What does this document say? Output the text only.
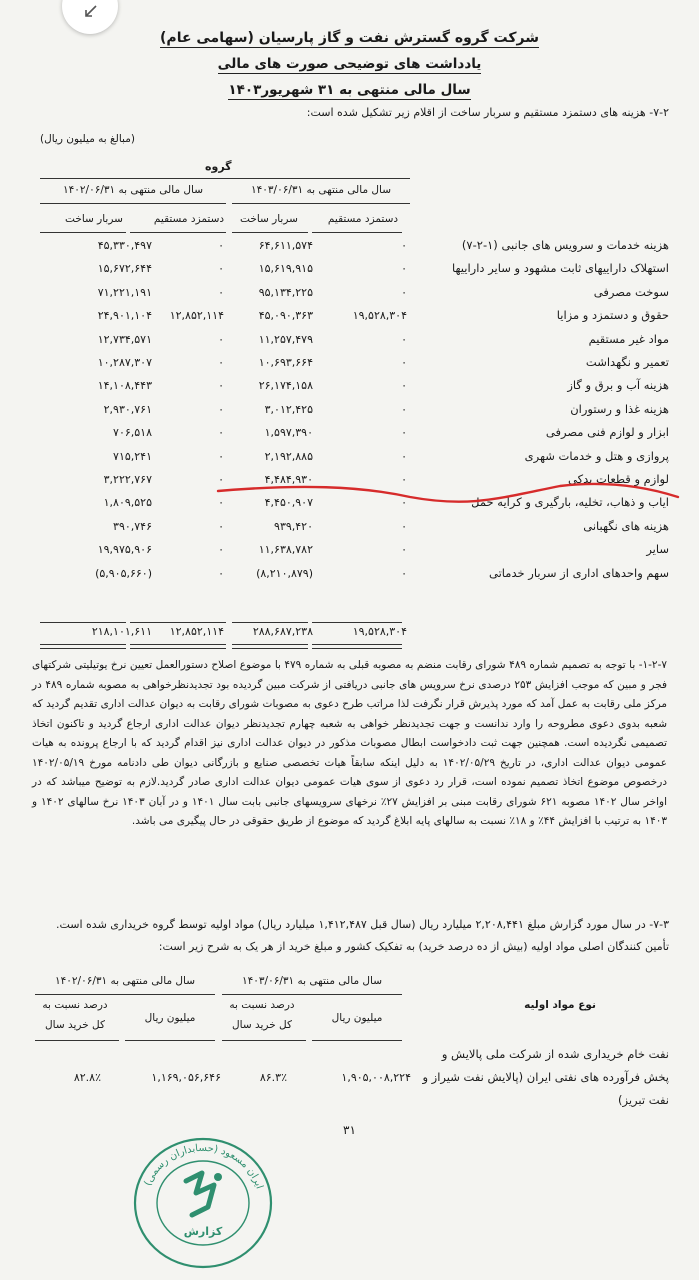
شرکت گروه گسترش نفت و گاز پارسیان (سهامی عام)
یادداشت های توضیحی صورت های مالی
سال مالی منتهی به ۳۱ شهریور۱۴۰۳
۷-۲- هزینه های دستمزد مستقیم و سربار ساخت از اقلام زیر تشکیل شده است:
(مبالغ به میلیون ریال)
گروه
سال مالی منتهی به ۱۴۰۳/۰۶/۳۱
سال مالی منتهی به ۱۴۰۲/۰۶/۳۱
دستمزد مستقیم
سربار ساخت
دستمزد مستقیم
سربار ساخت
هزینه خدمات و سرویس های جانبی (۱-۲-۷)
۰
۶۴,۶۱۱,۵۷۴
۰
۴۵,۳۳۰,۴۹۷
استهلاک داراییهای ثابت مشهود و سایر داراییها
۰
۱۵,۶۱۹,۹۱۵
۰
۱۵,۶۷۲,۶۴۴
سوخت مصرفی
۰
۹۵,۱۳۴,۲۲۵
۰
۷۱,۲۲۱,۱۹۱
حقوق و دستمزد و مزایا
۱۹,۵۲۸,۳۰۴
۴۵,۰۹۰,۳۶۳
۱۲,۸۵۲,۱۱۴
۲۴,۹۰۱,۱۰۴
مواد غیر مستقیم
۰
۱۱,۲۵۷,۴۷۹
۰
۱۲,۷۳۴,۵۷۱
تعمیر و نگهداشت
۰
۱۰,۶۹۳,۶۶۴
۰
۱۰,۲۸۷,۳۰۷
هزینه آب و برق و گاز
۰
۲۶,۱۷۴,۱۵۸
۰
۱۴,۱۰۸,۴۴۳
هزینه غذا و رستوران
۰
۳,۰۱۲,۴۲۵
۰
۲,۹۳۰,۷۶۱
ابزار و لوازم فنی مصرفی
۰
۱,۵۹۷,۳۹۰
۰
۷۰۶,۵۱۸
پروازی و هتل و خدمات شهری
۰
۲,۱۹۲,۸۸۵
۰
۷۱۵,۲۴۱
لوازم و قطعات یدکی
۰
۴,۴۸۴,۹۳۰
۰
۳,۲۲۲,۷۶۷
ایاب و ذهاب، تخلیه، بارگیری و کرایه حمل
۰
۴,۴۵۰,۹۰۷
۰
۱,۸۰۹,۵۲۵
هزینه های نگهبانی
۰
۹۳۹,۴۲۰
۰
۳۹۰,۷۴۶
سایر
۰
۱۱,۶۳۸,۷۸۲
۰
۱۹,۹۷۵,۹۰۶
سهم واحدهای اداری از سربار خدماتی
۰
(۸,۲۱۰,۸۷۹)
۰
(۵,۹۰۵,۶۶۰)
۱۹,۵۲۸,۳۰۴
۲۸۸,۶۸۷,۲۳۸
۱۲,۸۵۲,۱۱۴
۲۱۸,۱۰۱,۶۱۱
۱-۲-۷- با توجه به تصمیم شماره ۴۸۹ شورای رقابت منضم به مصوبه قبلی به شماره ۴۷۹ با موضوع اصلاح دستورالعمل تعیین نرخ یوتیلیتی شرکتهای فجر و مبین که موجب افزایش ۲۵۳ درصدی نرخ سرویس های جانبی دریافتی از شرکت مبین گردیده بود تجدیدنظرخواهی به مصوبه شماره ۴۸۹ در مرکز ملی رقابت به عمل آمد که مورد پذیرش قرار نگرفت لذا مراتب طرح دعوی به مصوبات شورای رقابت به دیوان عدالت اداری تقدیم گردید که شعبه بدوی دعوی مطروحه را وارد ندانست و جهت تجدیدنظر خواهی به شعبه چهارم تجدیدنظر دیوان عدالت اداری ارجاع گردید و تاکنون اتخاذ تصمیمی نگردیده است. همچنین جهت ثبت دادخواست ابطال مصوبات مذکور در دیوان عدالت اداری نیز اقدام گردید که با ارجاع پرونده به هیات عمومی دیوان عدالت اداری، در تاریخ ۱۴۰۲/۰۵/۲۹ به دلیل اینکه سابقاً هیات تخصصی صنایع و بازرگانی دیوان طی دادنامه مورخ ۱۴۰۲/۰۵/۱۹ درخصوص موضوع اتخاذ تصمیم نموده است، قرار رد دعوی از سوی هیات عمومی دیوان عدالت اداری صادر گردید.لازم به توضیح میباشد که در اواخر سال ۱۴۰۲ مصوبه ۶۲۱ شورای رقابت مبنی بر افزایش ۲۷٪ نرخهای سرویسهای جانبی بابت سال ۱۴۰۱ و در آبان ۱۴۰۳ نرخ سالهای ۱۴۰۲ و ۱۴۰۳ به ترتیب با افزایش ۴۴٪ و ۱۸٪ نسبت به سالهای پایه ابلاغ گردید که موضوع از طریق حقوقی در حال پیگیری می باشد.
۷-۳- در سال مورد گزارش مبلغ ۲,۲۰۸,۴۴۱ میلیارد ریال (سال قبل ۱,۴۱۲,۴۸۷ میلیارد ریال) مواد اولیه توسط گروه خریداری شده است.
تأمین کنندگان اصلی مواد اولیه (بیش از ده درصد خرید) به تفکیک کشور و مبلغ خرید از هر یک به شرح زیر است:
سال مالی منتهی به ۱۴۰۳/۰۶/۳۱
سال مالی منتهی به ۱۴۰۲/۰۶/۳۱
نوع مواد اولیه
درصد نسبت به
کل خرید سال
میلیون ریال
درصد نسبت به
کل خرید سال
میلیون ریال
نفت خام خریداری شده از شرکت ملی پالایش و
پخش فرآورده های نفتی ایران (پالایش نفت شیراز و
نفت تبریز)
۱,۹۰۵,۰۰۸,۲۲۴
۸۶.۳٪
۱,۱۶۹,۰۵۶,۶۴۶
۸۲.۸٪
۳۱
ایران مسعود (حسابداران رسمی)
کزارش
